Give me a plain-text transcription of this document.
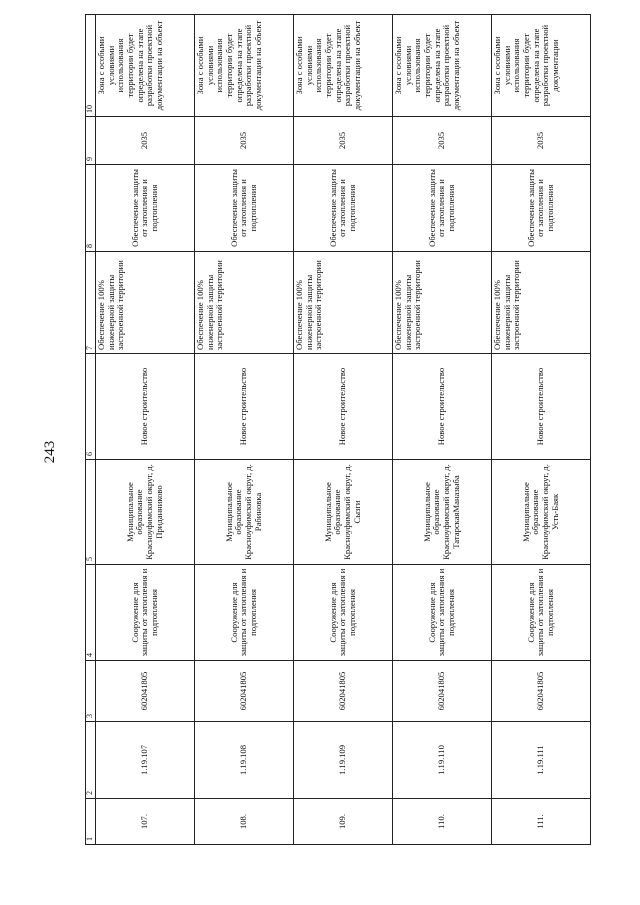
243
1	2	3	4	5	6	7	8	9	10
107.	1.19.107	602041805	Сооружение для защиты от затопления и подтопления	Муниципальное образование Красноуфимский округ, д. Приданниково	Новое строительство	Обеспечение 100% инженерной защиты застроенной территории	Обеспечение защиты от затопления и подтопления	2035	Зона с особыми условиями использования территории будет определена на этапе разработки проектной документации на объект
108.	1.19.108	602041805	Сооружение для защиты от затопления и подтопления	Муниципальное образование Красноуфимский округ, д. Рабиновка	Новое строительство	Обеспечение 100% инженерной защиты застроенной территории	Обеспечение защиты от затопления и подтопления	2035	Зона с особыми условиями использования территории будет определена на этапе разработки проектной документации на объект
109.	1.19.109	602041805	Сооружение для защиты от затопления и подтопления	Муниципальное образование Красноуфимский округ, д. Сызги	Новое строительство	Обеспечение 100% инженерной защиты застроенной территории	Обеспечение защиты от затопления и подтопления	2035	Зона с особыми условиями использования территории будет определена на этапе разработки проектной документации на объект
110.	1.19.110	602041805	Сооружение для защиты от затопления и подтопления	Муниципальное образование Красноуфимский округ, д. ТатарскаяМаназыба	Новое строительство	Обеспечение 100% инженерной защиты застроенной территории	Обеспечение защиты от затопления и подтопления	2035	Зона с особыми условиями использования территории будет определена на этапе разработки проектной документации на объект
111.	1.19.111	602041805	Сооружение для защиты от затопления и подтопления	Муниципальное образование Красноуфимский округ, д. Усть-Баяк	Новое строительство	Обеспечение 100% инженерной защиты застроенной территории	Обеспечение защиты от затопления и подтопления	2035	Зона с особыми условиями использования территории будет определена на этапе разработки проектной документации
